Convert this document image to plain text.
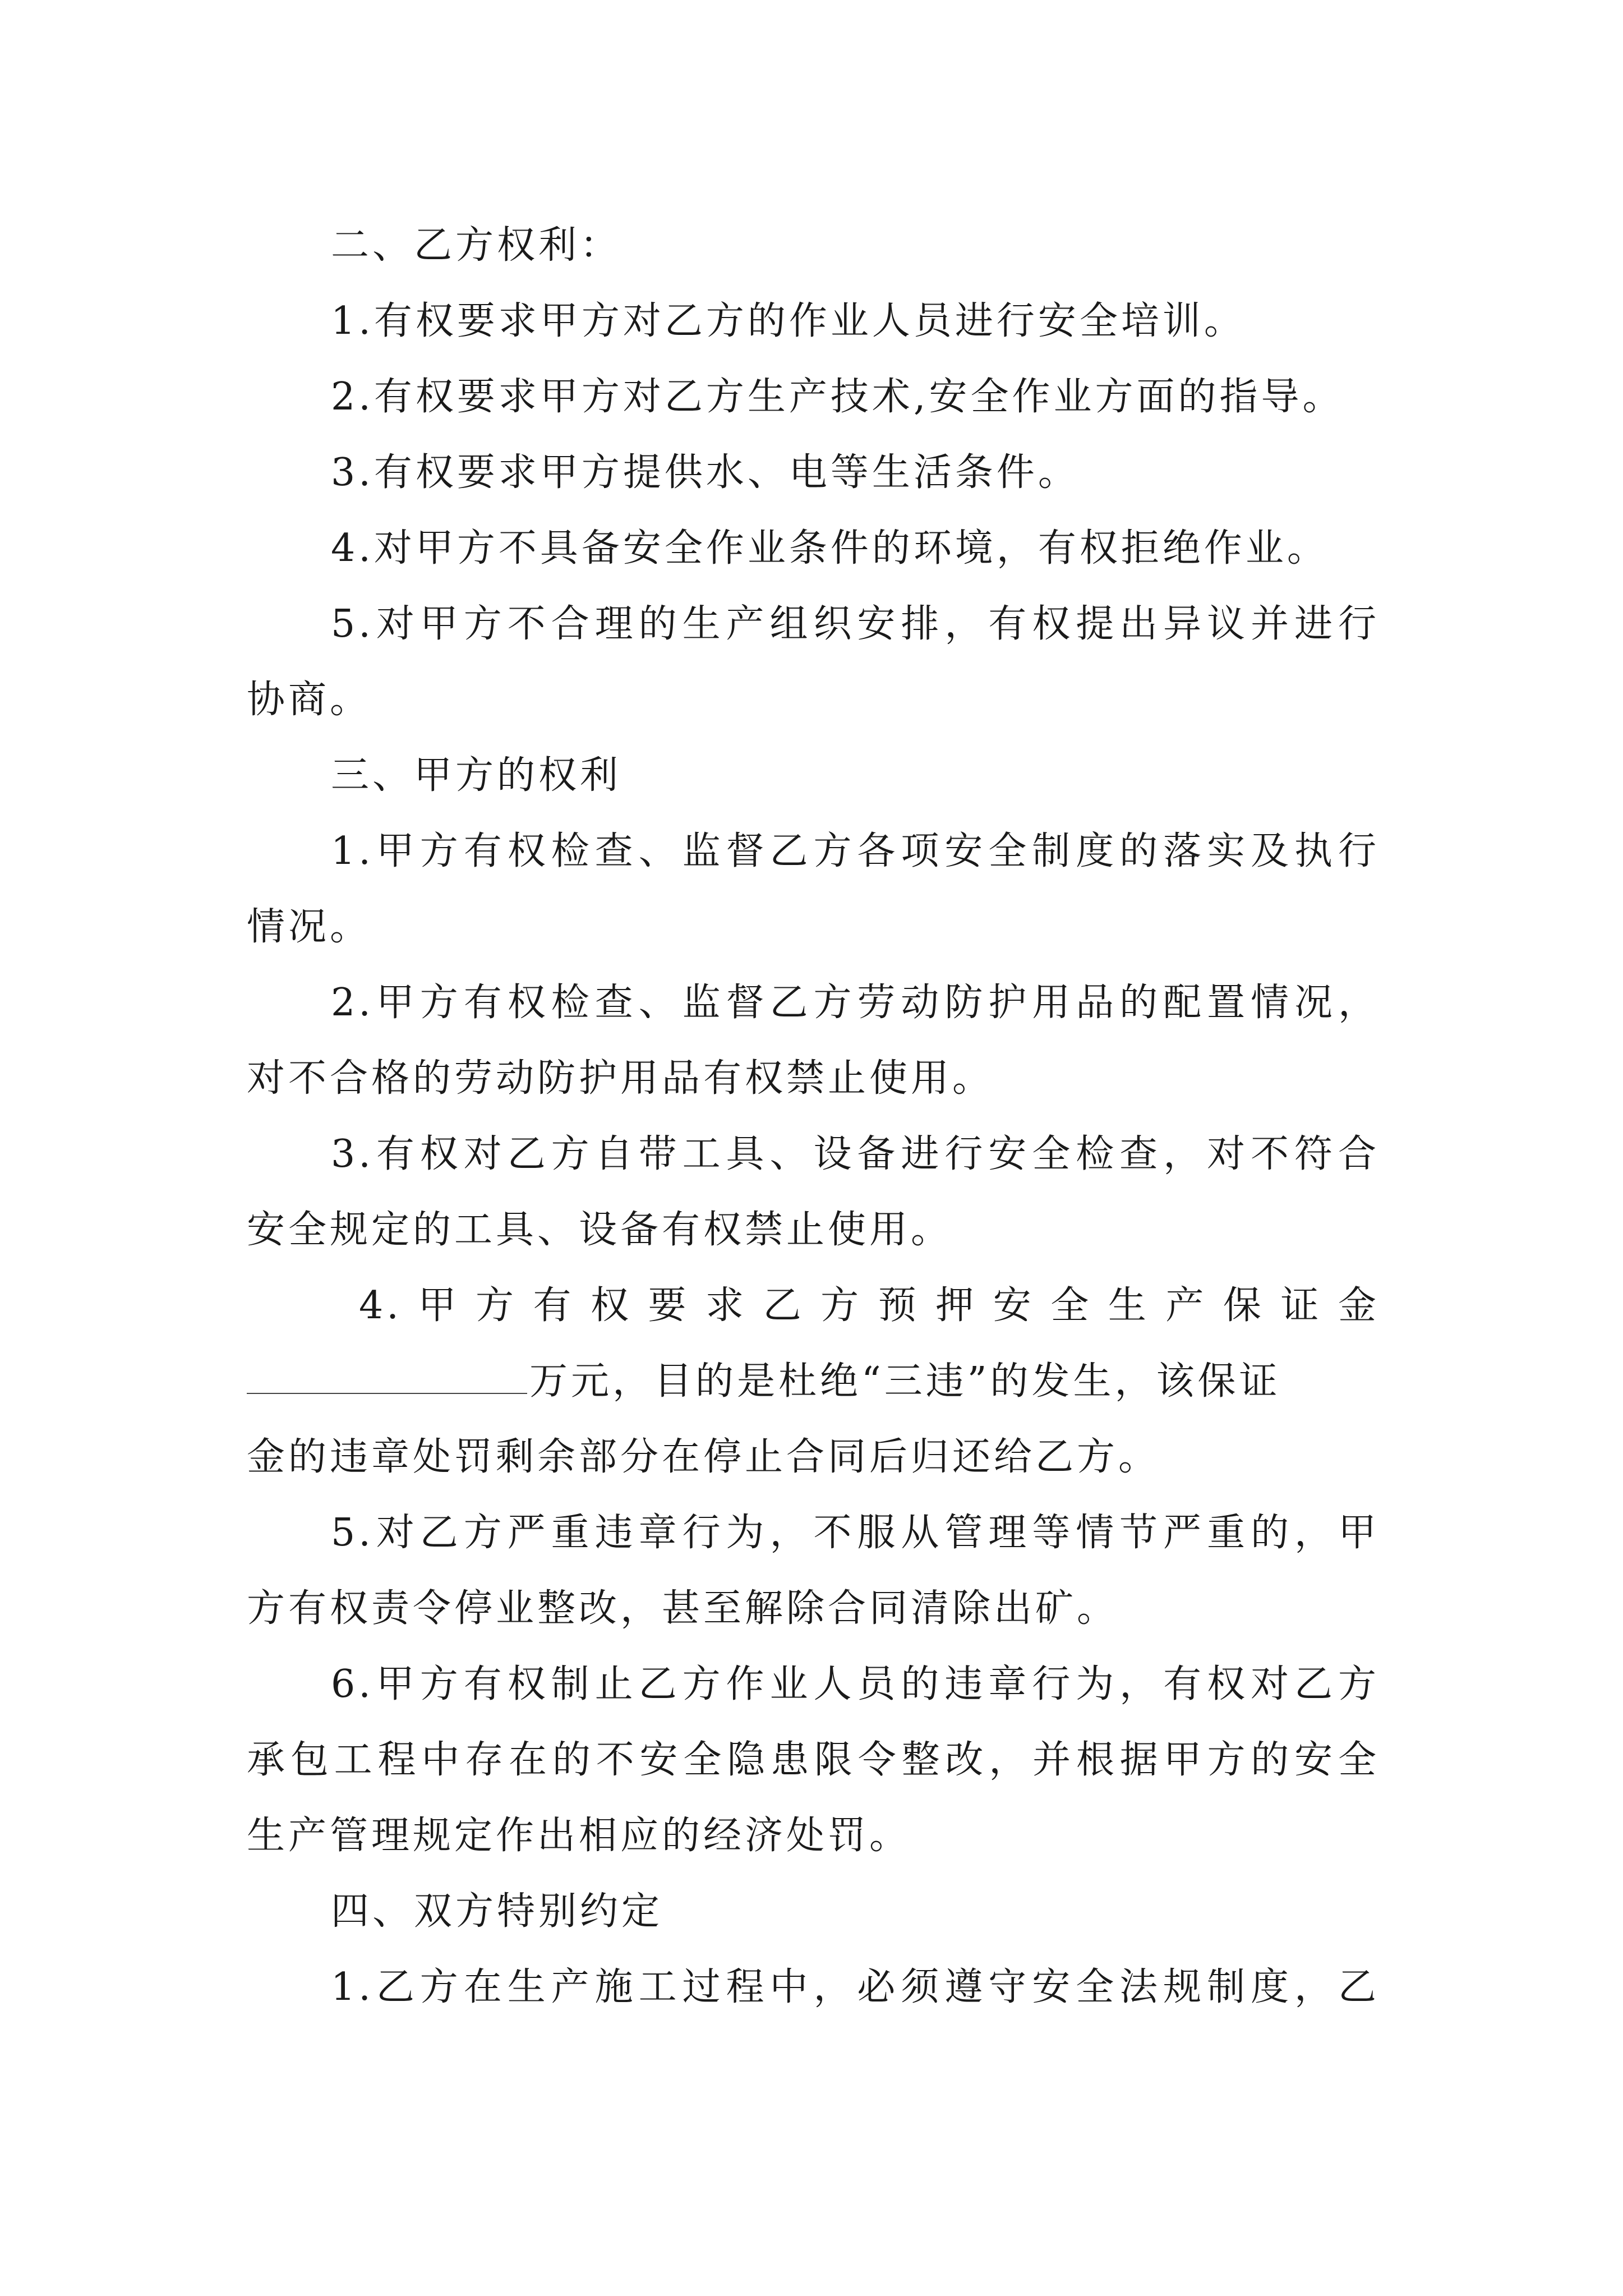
二、乙方权利：
1.有权要求甲方对乙方的作业人员进行安全培训。
2.有权要求甲方对乙方生产技术,安全作业方面的指导。
3.有权要求甲方提供水、电等生活条件。
4.对甲方不具备安全作业条件的环境，有权拒绝作业。
5.对甲方不合理的生产组织安排，有权提出异议并进行
协商。
三、甲方的权利
1.甲方有权检查、监督乙方各项安全制度的落实及执行
情况。
2.甲方有权检查、监督乙方劳动防护用品的配置情况，
对不合格的劳动防护用品有权禁止使用。
3.有权对乙方自带工具、设备进行安全检查，对不符合
安全规定的工具、设备有权禁止使用。
4.甲方有权要求乙方预押安全生产保证金
万元，目的是杜绝“三违”的发生，该保证
金的违章处罚剩余部分在停止合同后归还给乙方。
5.对乙方严重违章行为，不服从管理等情节严重的，甲
方有权责令停业整改，甚至解除合同清除出矿。
6.甲方有权制止乙方作业人员的违章行为，有权对乙方
承包工程中存在的不安全隐患限令整改，并根据甲方的安全
生产管理规定作出相应的经济处罚。
四、双方特别约定
1.乙方在生产施工过程中，必须遵守安全法规制度，乙
